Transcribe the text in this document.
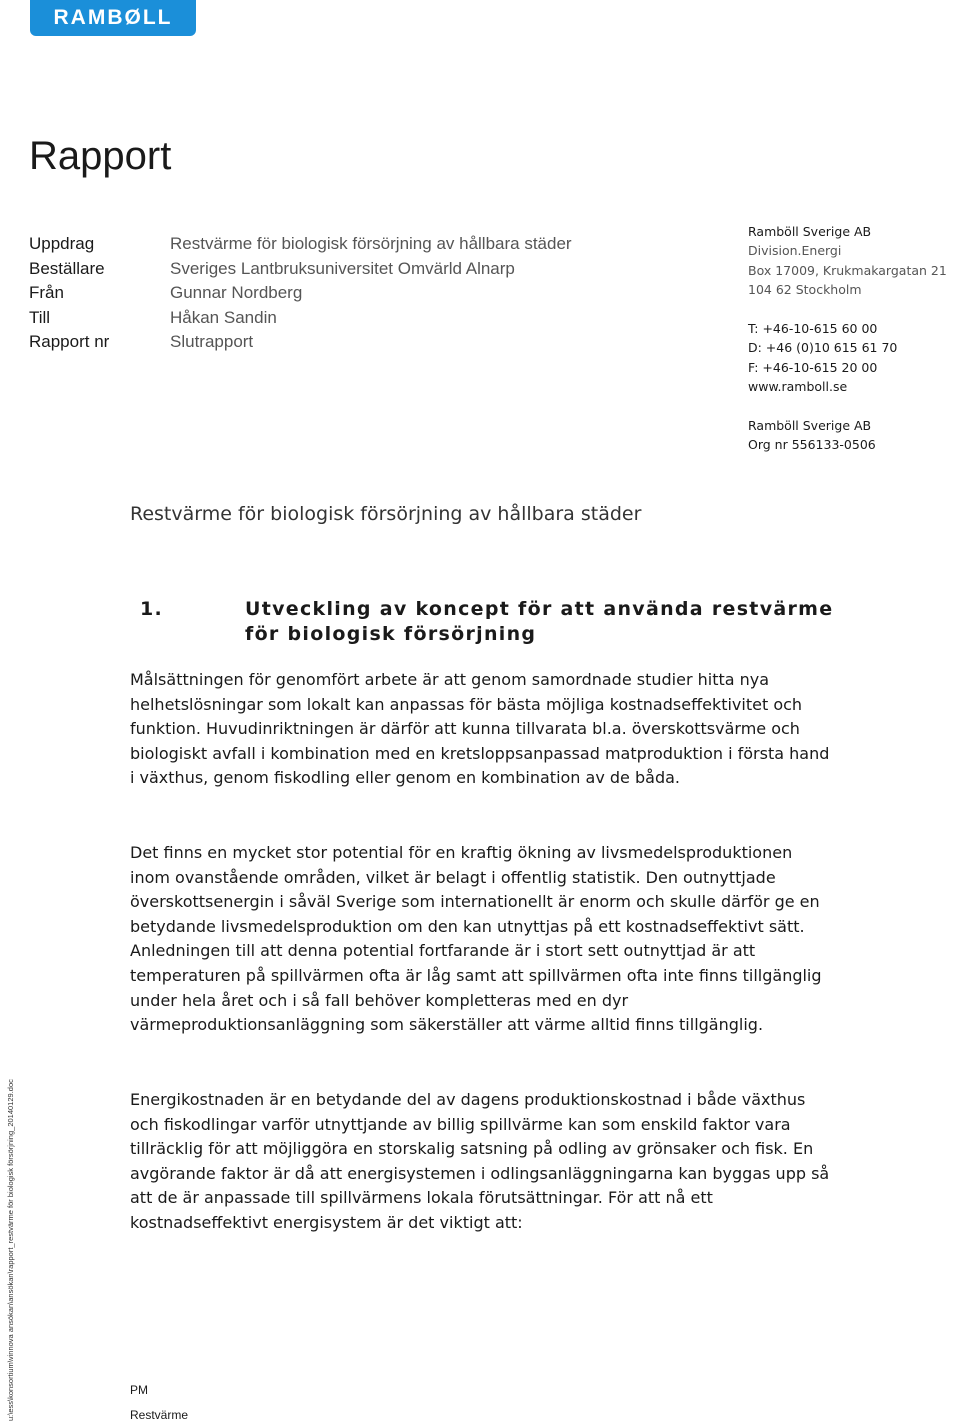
RAMBØLL
Rapport
Uppdrag	Restvärme för biologisk försörjning av hållbara städer
Beställare	Sveriges Lantbruksuniversitet Omvärld Alnarp
Från	Gunnar Nordberg
Till	Håkan Sandin
Rapport nr	Slutrapport
Ramböll Sverige AB
Division.Energi
Box 17009, Krukmakargatan 21
104 62 Stockholm
T: +46-10-615 60 00
D: +46 (0)10 615 61 70
F: +46-10-615 20 00
www.ramboll.se
Ramböll Sverige AB
Org nr 556133-0506
Restvärme för biologisk försörjning av hållbara städer
1.	Utveckling av koncept för att använda restvärme för biologisk försörjning

Målsättningen för genomfört arbete är att genom samordnade studier hitta nya helhetslösningar som lokalt kan anpassas för bästa möjliga kostnadseffektivitet och funktion. Huvudinriktningen är därför att kunna tillvarata bl.a. överskottsvärme och biologiskt avfall i kombination med en kretsloppsanpassad matproduktion i första hand i växthus, genom fiskodling eller genom en kombination av de båda.

Det finns en mycket stor potential för en kraftig ökning av livsmedelsproduktionen inom ovanstående områden, vilket är belagt i offentlig statistik. Den outnyttjade överskottsenergin i såväl Sverige som internationellt är enorm och skulle därför ge en betydande livsmedelsproduktion om den kan utnyttjas på ett kostnadseffektivt sätt. Anledningen till att denna potential fortfarande är i stort sett outnyttjad är att temperaturen på spillvärmen ofta är låg samt att spillvärmen ofta inte finns tillgänglig under hela året och i så fall behöver kompletteras med en dyr värmeproduktionsanläggning som säkerställer att värme alltid finns tillgänglig.

Energikostnaden är en betydande del av dagens produktionskostnad i både växthus och fiskodlingar varför utnyttjande av billig spillvärme kan som enskild faktor vara tillräcklig för att möjliggöra en storskalig satsning på odling av grönsaker och fisk. En avgörande faktor är då att energisystemen i odlingsanläggningarna kan byggas upp så att de är anpassade till spillvärmens lokala förutsättningar. För att nå ett kostnadseffektivt energisystem är det viktigt att:

PM
Restvärme
u:\ess\konsortium\vinnova ansökan\ansökan\rapport_restvärme för biologisk försörjning_20140129.doc
